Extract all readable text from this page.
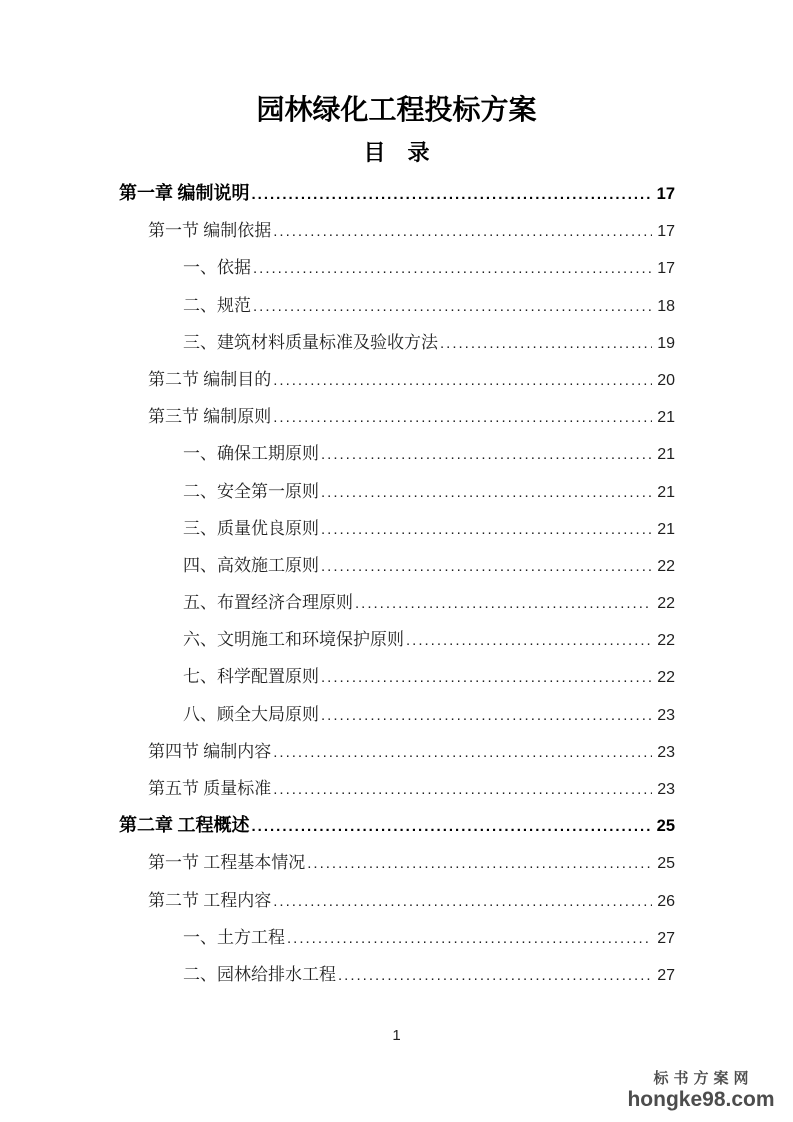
园林绿化工程投标方案
目　录
第一章 编制说明 .....	17
第一节 编制依据 .....	17
一、依据 .....	17
二、规范 .....	18
三、建筑材料质量标准及验收方法 .....	19
第二节 编制目的 .....	20
第三节 编制原则 .....	21
一、确保工期原则 .....	21
二、安全第一原则 .....	21
三、质量优良原则 .....	21
四、高效施工原则 .....	22
五、布置经济合理原则 .....	22
六、文明施工和环境保护原则 .....	22
七、科学配置原则 .....	22
八、顾全大局原则 .....	23
第四节 编制内容 .....	23
第五节 质量标准 .....	23
第二章 工程概述 .....	25
第一节 工程基本情况 .....	25
第二节 工程内容 .....	26
一、土方工程 .....	27
二、园林给排水工程 .....	27
1
标书方案网
hongke98.com
